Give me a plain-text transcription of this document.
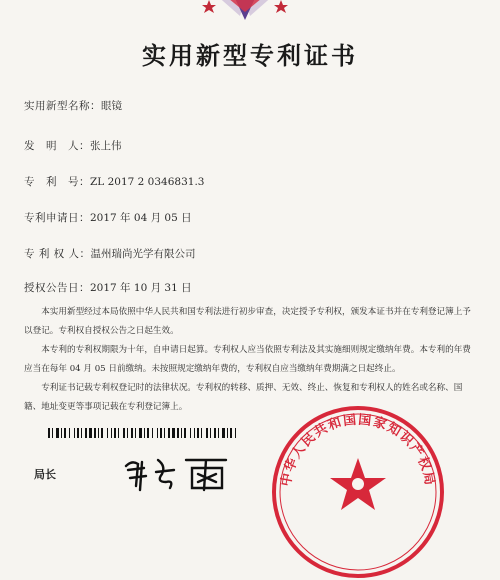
实用新型专利证书
实用新型名称：眼镜
发　明　人：张上伟
专　利　号：ZL 2017 2 0346831.3
专利申请日：2017 年 04 月 05 日
专 利 权 人：温州瑞尚光学有限公司
授权公告日：2017 年 10 月 31 日

本实用新型经过本局依照中华人民共和国专利法进行初步审查，决定授予专利权，颁发本证书并在专利登记簿上予以登记。专利权自授权公告之日起生效。

本专利的专利权期限为十年，自申请日起算。专利权人应当依照专利法及其实施细则规定缴纳年费。本专利的年费应当在每年 04 月 05 日前缴纳。未按照规定缴纳年费的，专利权自应当缴纳年费期满之日起终止。

专利证书记载专利权登记时的法律状况。专利权的转移、质押、无效、终止、恢复和专利权人的姓名或名称、国籍、地址变更等事项记载在专利登记簿上。

局长	中华人民共和国国家知识产权局
